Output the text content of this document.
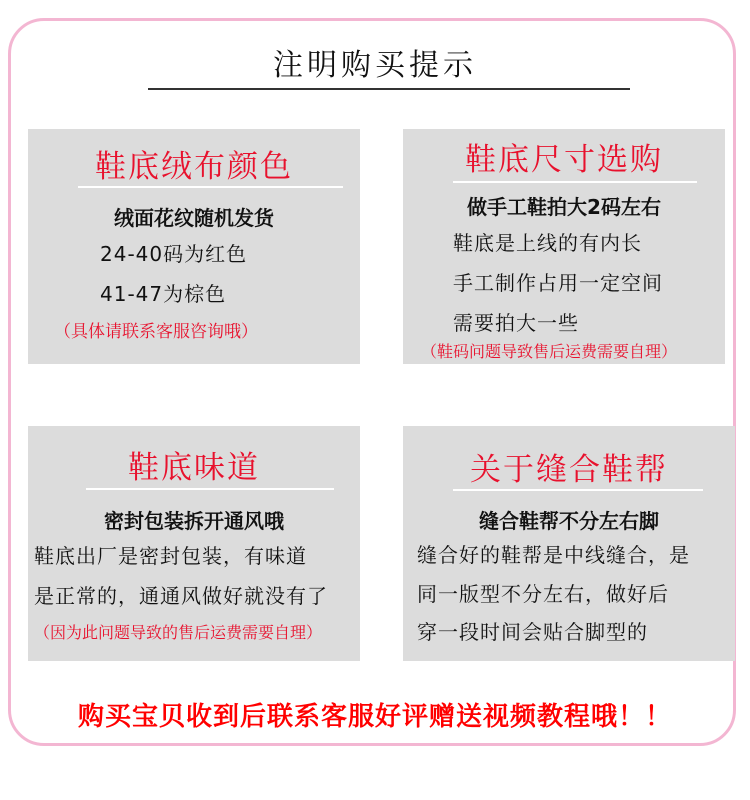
注明购买提示
鞋底绒布颜色
绒面花纹随机发货
24-40码为红色
41-47为棕色
（具体请联系客服咨询哦）
鞋底尺寸选购
做手工鞋拍大2码左右
鞋底是上线的有内长
手工制作占用一定空间
需要拍大一些
（鞋码问题导致售后运费需要自理）
鞋底味道
密封包装拆开通风哦
鞋底出厂是密封包装，有味道
是正常的，通通风做好就没有了
（因为此问题导致的售后运费需要自理）
关于缝合鞋帮
缝合鞋帮不分左右脚
缝合好的鞋帮是中线缝合，是
同一版型不分左右，做好后
穿一段时间会贴合脚型的
购买宝贝收到后联系客服好评赠送视频教程哦！！
